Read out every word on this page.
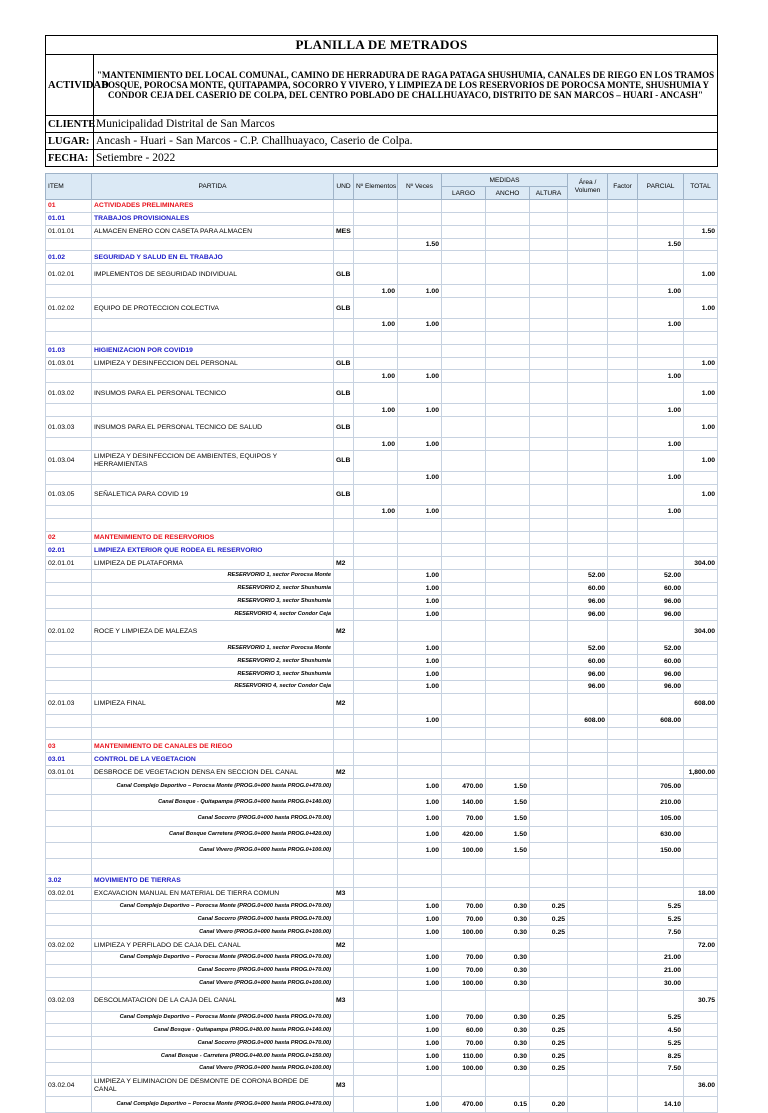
PLANILLA DE METRADOS	
ACTIVIDAD	"MANTENIMIENTO DEL LOCAL COMUNAL, CAMINO DE HERRADURA DE RAGA PATAGA SHUSHUMIA, CANALES DE RIEGO EN LOS TRAMOS BOSQUE, POROCSA MONTE, QUITAPAMPA, SOCORRO Y VIVERO, Y LIMPIEZA DE LOS RESERVORIOS DE POROCSA MONTE, SHUSHUMIA Y CONDOR CEJA DEL CASERIO DE COLPA, DEL CENTRO POBLADO DE CHALLHUAYACO, DISTRITO DE SAN MARCOS – HUARI - ANCASH"
CLIENTE	Municipalidad Distrital de San Marcos
LUGAR:	Ancash - Huari - San Marcos - C.P. Challhuayaco, Caserio de Colpa.
FECHA:	Setiembre - 2022
ITEM	PARTIDA	UND	Nº Elementos	Nº Veces	MEDIDAS			Área / Volumen	Factor	PARCIAL	TOTAL
					LARGO	ANCHO	ALTURA				
01	ACTIVIDADES PRELIMINARES										
01.01	TRABAJOS PROVISIONALES										
01.01.01	ALMACEN ENERO CON CASETA PARA ALMACEN	MES									1.50
				1.50						1.50	
01.02	SEGURIDAD Y SALUD EN EL TRABAJO										
01.02.01	IMPLEMENTOS DE SEGURIDAD INDIVIDUAL	GLB									1.00
			1.00	1.00						1.00	
01.02.02	EQUIPO DE PROTECCION COLECTIVA	GLB									1.00
			1.00	1.00						1.00	

01.03	HIGIENIZACION POR COVID19										
01.03.01	LIMPIEZA Y DESINFECCION DEL PERSONAL	GLB									1.00
			1.00	1.00						1.00	
01.03.02	INSUMOS PARA EL PERSONAL TECNICO	GLB									1.00
			1.00	1.00						1.00	
01.03.03	INSUMOS PARA EL PERSONAL TECNICO DE SALUD	GLB									1.00
			1.00	1.00						1.00	
01.03.04	LIMPIEZA Y DESINFECCION DE AMBIENTES, EQUIPOS Y HERRAMIENTAS	GLB									1.00
				1.00						1.00	
01.03.05	SEÑALETICA PARA COVID 19	GLB									1.00
			1.00	1.00						1.00	

02	MANTENIMIENTO DE RESERVORIOS										
02.01	LIMPIEZA EXTERIOR QUE RODEA EL RESERVORIO										
02.01.01	LIMPIEZA DE PLATAFORMA	M2									304.00
	RESERVORIO 1, sector Porocsa Monte			1.00				52.00		52.00	
	RESERVORIO 2, sector Shushumia			1.00				60.00		60.00	
	RESERVORIO 3, sector Shushumia			1.00				96.00		96.00	
	RESERVORIO 4, sector Condor Ceja			1.00				96.00		96.00	
02.01.02	ROCE Y LIMPIEZA DE MALEZAS	M2									304.00
	RESERVORIO 1, sector Porocsa Monte			1.00				52.00		52.00	
	RESERVORIO 2, sector Shushumia			1.00				60.00		60.00	
	RESERVORIO 3, sector Shushumia			1.00				96.00		96.00	
	RESERVORIO 4, sector Condor Ceja			1.00				96.00		96.00	
02.01.03	LIMPIEZA FINAL	M2									608.00
				1.00				608.00		608.00	

03	MANTENIMIENTO DE CANALES DE RIEGO										
03.01	CONTROL DE LA VEGETACION										
03.01.01	DESBROCE DE VEGETACION DENSA EN SECCION DEL CANAL	M2									1,800.00
	Canal Complejo Deportivo – Porocsa Monte (PROG.0+000 hasta PROG.0+470.00)			1.00	470.00	1.50				705.00	
	Canal Bosque - Quitapampa (PROG.0+000 hasta PROG.0+140.00)			1.00	140.00	1.50				210.00	
	Canal Socorro (PROG.0+000 hasta PROG.0+70.00)			1.00	70.00	1.50				105.00	
	Canal Bosque Carretera (PROG.0+000 hasta PROG.0+420.00)			1.00	420.00	1.50				630.00	
	Canal Vivero (PROG.0+000 hasta PROG.0+100.00)			1.00	100.00	1.50				150.00	

3.02	MOVIMIENTO DE TIERRAS										
03.02.01	EXCAVACION MANUAL EN MATERIAL DE TIERRA COMUN	M3									18.00
	Canal Complejo Deportivo – Porocsa Monte (PROG.0+000 hasta PROG.0+70.00)			1.00	70.00	0.30	0.25			5.25	
	Canal Socorro (PROG.0+000 hasta PROG.0+70.00)			1.00	70.00	0.30	0.25			5.25	
	Canal Vivero (PROG.0+000 hasta PROG.0+100.00)			1.00	100.00	0.30	0.25			7.50	
03.02.02	LIMPIEZA Y PERFILADO DE CAJA DEL CANAL	M2									72.00
	Canal Complejo Deportivo – Porocsa Monte (PROG.0+000 hasta PROG.0+70.00)			1.00	70.00	0.30				21.00	
	Canal Socorro (PROG.0+000 hasta PROG.0+70.00)			1.00	70.00	0.30				21.00	
	Canal Vivero (PROG.0+000 hasta PROG.0+100.00)			1.00	100.00	0.30				30.00	
03.02.03	DESCOLMATACION DE LA CAJA DEL CANAL	M3									30.75
	Canal Complejo Deportivo – Porocsa Monte (PROG.0+000 hasta PROG.0+70.00)			1.00	70.00	0.30	0.25			5.25	
	Canal Bosque - Quitapampa (PROG.0+80.00 hasta PROG.0+140.00)			1.00	60.00	0.30	0.25			4.50	
	Canal Socorro (PROG.0+000 hasta PROG.0+70.00)			1.00	70.00	0.30	0.25			5.25	
	Canal Bosque - Carretera (PROG.0+40.00 hasta PROG.0+150.00)			1.00	110.00	0.30	0.25			8.25	
	Canal Vivero (PROG.0+000 hasta PROG.0+100.00)			1.00	100.00	0.30	0.25			7.50	
03.02.04	LIMPIEZA Y ELIMINACION DE DESMONTE DE CORONA BORDE DE CANAL	M3									36.00
	Canal Complejo Deportivo – Porocsa Monte (PROG.0+000 hasta PROG.0+470.00)			1.00	470.00	0.15	0.20			14.10	
